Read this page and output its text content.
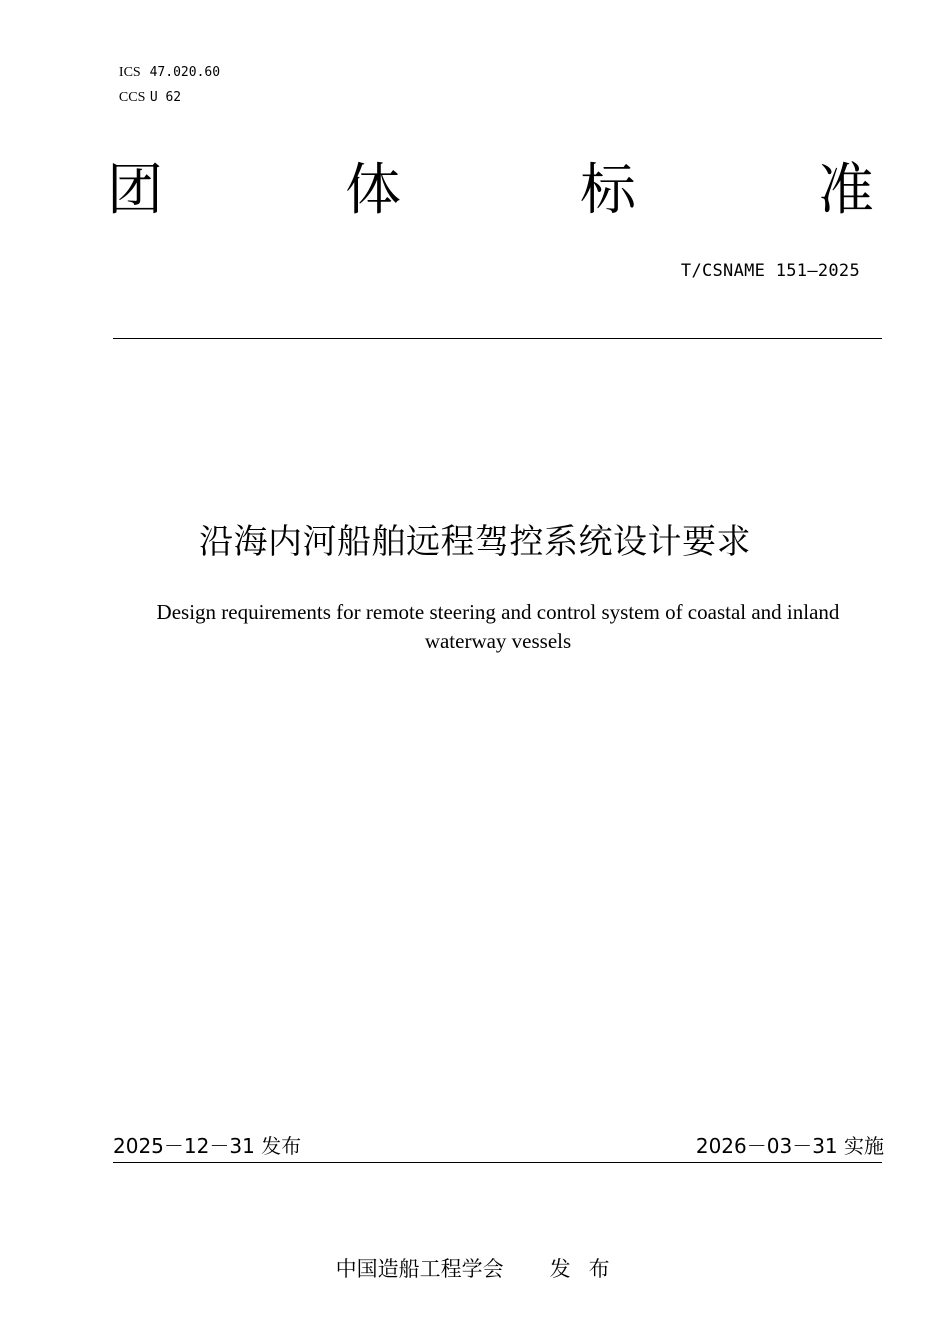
ICS 47.020.60

CCS U 62

团	体	标	准
T/CSNAME 151—2025
沿海内河船舶远程驾控系统设计要求
Design requirements for remote steering and control system of coastal and inland waterway vessels
2025－12－31 发布	2026－03－31 实施

中国造船工程学会 发布
